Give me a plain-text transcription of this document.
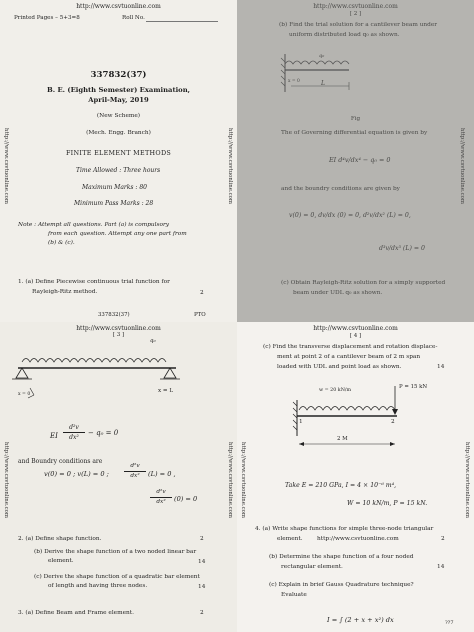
http://www.csvtuonline.com
Printed Pages – 5+3=8	Roll No.
337832(37)
B. E. (Eighth Semester) Examination,
April-May, 2019
(New Scheme)
(Mech. Engg. Branch)
FINITE ELEMENT METHODS
Time Allowed : Three hours
Maximum Marks : 80
Minimum Pass Marks : 28
Note : Attempt all questions. Part (a) is compulsory
from each question. Attempt any one part from
(b) & (c).
1. (a) Define Piecewise continuous trial function for
Rayleigh-Ritz method.	2
337832(37)	PTO
http://www.csvtuonline.com	http://www.csvtuonline.com
http://www.csvtuonline.com
[ 2 ]
(b) Find the trial solution for a cantilever beam under
uniform distributed load q₀ as shown.
q₀
x = 0	L
Fig
The of Governing differential equation is given by
EI d⁴v/dx⁴ − q₀ = 0
and the boundry conditions are given by
v(0) = 0, dv/dx (0) = 0, d²v/dx² (L) = 0,
d³v/dx³ (L) = 0
(c) Obtain Rayleigh-Ritz solution for a simply supported
beam under UDL q₀ as shown.
http://www.csvtuonline.com
http://www.csvtuonline.com
[ 3 ]
q₀
x = 0
x = L
EI
d²v
dx²
− q₀ = 0
and Boundry conditions are
v(0) = 0 ; v(L) = 0 ;
d²v
dx²	(L) = 0 ,
d²v
dx²	(0) = 0
2. (a) Define shape function.	2
(b) Derive the shape function of a two noded linear bar
element.	14
(c) Derive the shape function of a quadratic bar element
of length and having three nodes.	14
3. (a) Define Beam and Frame element.	2
http://www.csvtuonline.com	http://www.csvtuonline.com
http://www.csvtuonline.com
[ 4 ]
(c) Find the transverse displacement and rotation displace-
ment at point 2 of a cantilever beam of 2 m span
loaded with UDL and point load as shown.	14
w = 20 kN/m
P = 15 kN
1	2
2 M
Take E = 210 GPa, I = 4 × 10⁻⁶ m⁴,
W = 10 kN/m, P = 15 kN.
4. (a) Write shape functions for simple three-node triangular
element. http://www.csvtuonline.com	2
(b) Determine the shape function of a four noded
rectangular element.	14
(c) Explain in brief Gauss Quadrature technique?
Evaluate
I = ∫ (2 + x + x²) dx	??7
http://www.csvtuonline.com	http://www.csvtuonline.com
